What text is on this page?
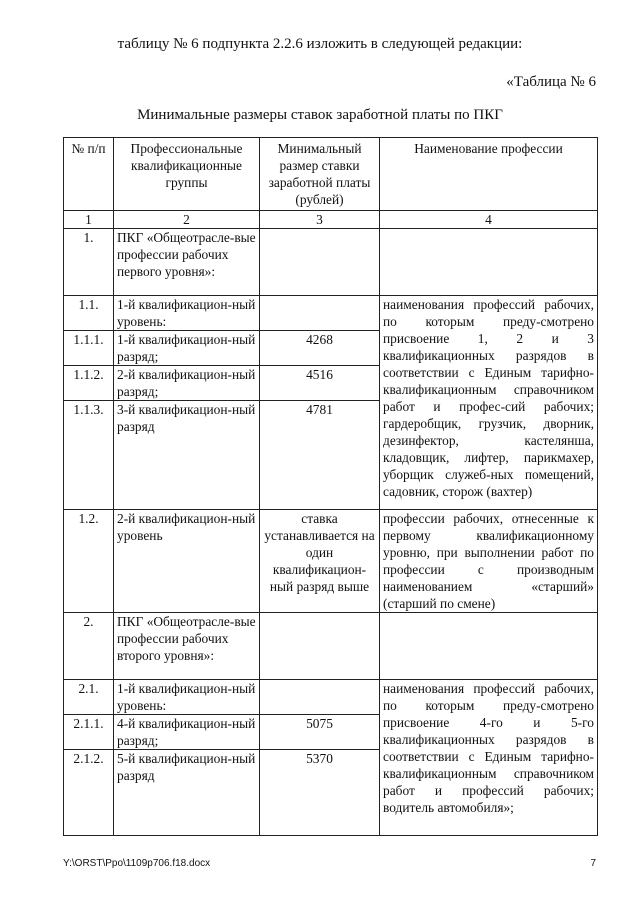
таблицу № 6 подпункта 2.2.6 изложить в следующей редакции:
«Таблица № 6
Минимальные размеры ставок заработной платы по ПКГ
№ п/п	Профессиональные квалификационные группы	Минимальный размер ставки заработной платы (рублей)	Наименование профессии
1	2	3	4
1.	ПКГ «Общеотрасле-вые профессии рабочих первого уровня»:		
1.1.	1-й квалификацион-ный уровень:		наименования профессий рабочих, по которым преду-смотрено присвоение 1, 2 и 3 квалификационных разрядов в соответствии с Единым тарифно-квалификационным справочником работ и профес-сий рабочих; гардеробщик, грузчик, дворник, дезинфектор, кастелянша, кладовщик, лифтер, парикмахер, уборщик служеб-ных помещений, садовник, сторож (вахтер)
1.1.1.	1-й квалификацион-ный разряд;	4268	
1.1.2.	2-й квалификацион-ный разряд;	4516	
1.1.3.	3-й квалификацион-ный разряд	4781	
1.2.	2-й квалификацион-ный уровень	ставка устанавливается на один квалификацион-ный разряд выше	профессии рабочих, отнесенные к первому квалификационному уровню, при выполнении работ по профессии с производным наименованием «старший» (старший по смене)
2.	ПКГ «Общеотрасле-вые профессии рабочих второго уровня»:		
2.1.	1-й квалификацион-ный уровень:		наименования профессий рабочих, по которым преду-смотрено присвоение 4-го и 5-го квалификационных разрядов в соответствии с Единым тарифно-квалификационным справочником работ и профессий рабочих; водитель автомобиля»;
2.1.1.	4-й квалификацион-ный разряд;	5075	
2.1.2.	5-й квалификацион-ный разряд	5370	
Y:\ORST\Ppo\1109p706.f18.docx	7
